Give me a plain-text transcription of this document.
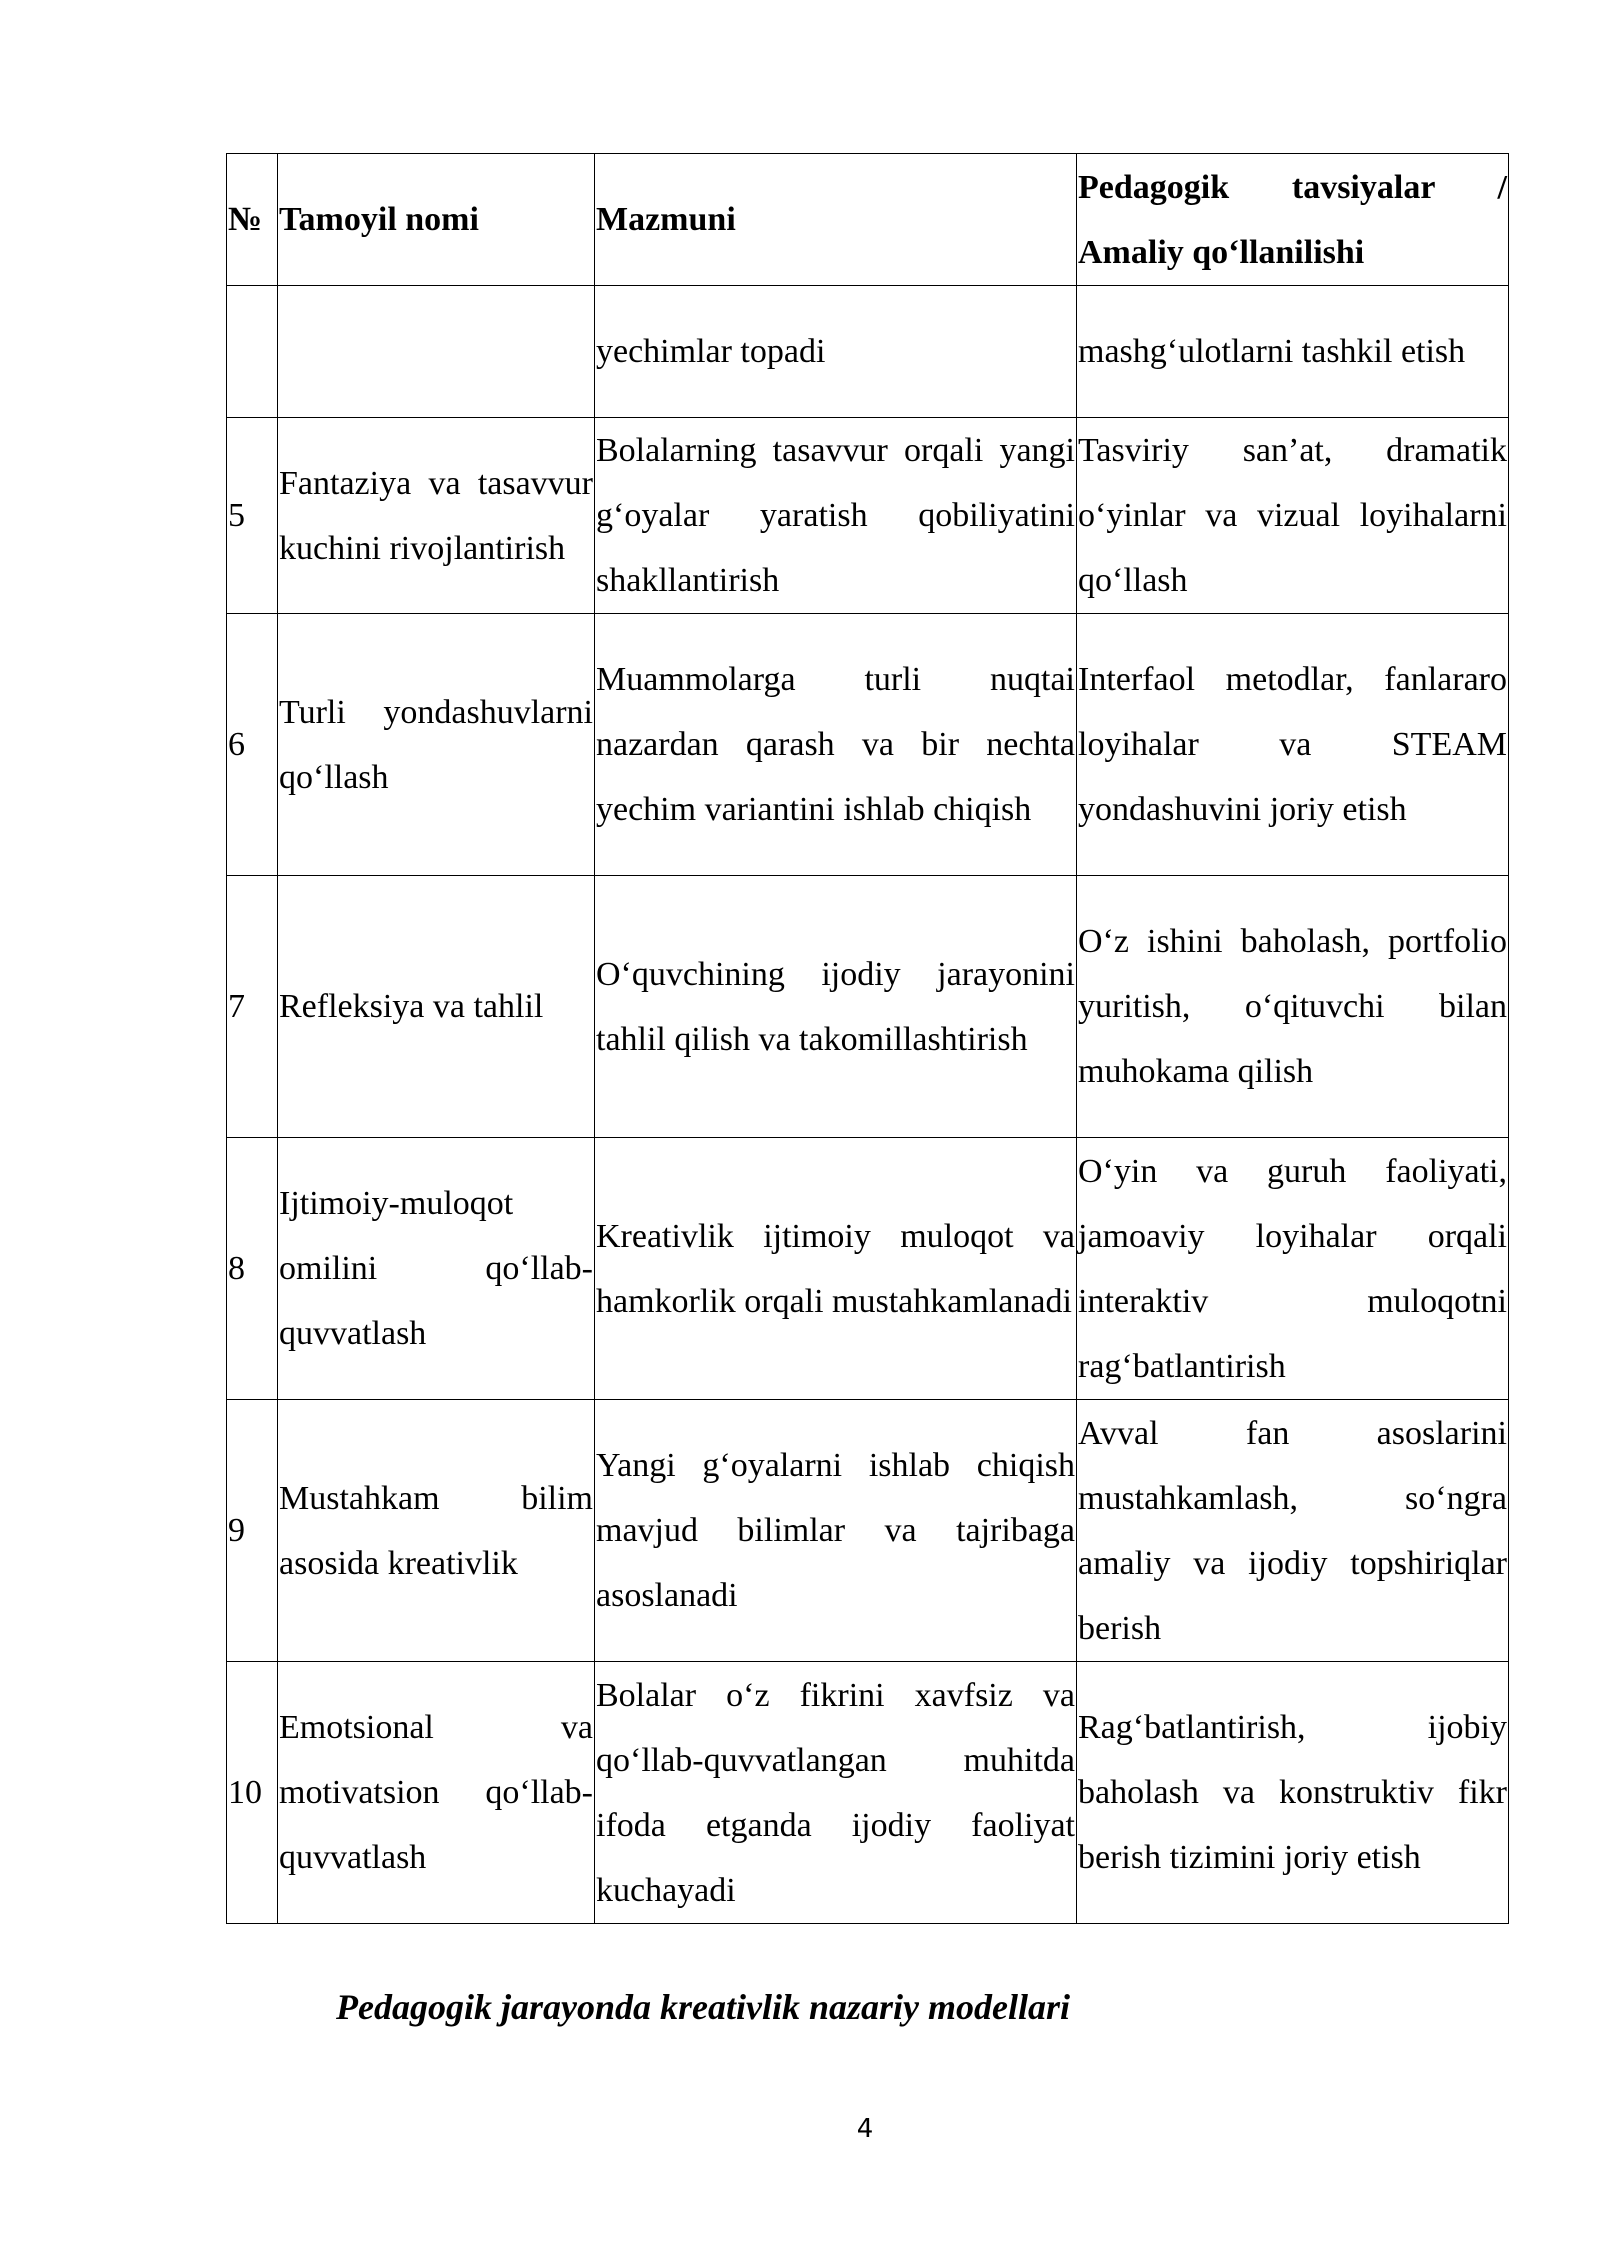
№	Tamoyil nomi	Mazmuni	Pedagogik tavsiyalar / Amaliy qo‘llanilishi
		yechimlar topadi	mashg‘ulotlarni tashkil etish
5	Fantaziya va tasavvur kuchini rivojlantirish	Bolalarning tasavvur orqali yangi g‘oyalar yaratish qobiliyatini shakllantirish	Tasviriy san’at, dramatik o‘yinlar va vizual loyihalarni qo‘llash
6	Turli yondashuvlarni qo‘llash	Muammolarga turli nuqtai nazardan qarash va bir nechta yechim variantini ishlab chiqish	Interfaol metodlar, fanlararo loyihalar va STEAM yondashuvini joriy etish
7	Refleksiya va tahlil	O‘quvchining ijodiy jarayonini tahlil qilish va takomillashtirish	O‘z ishini baholash, portfolio yuritish, o‘qituvchi bilan muhokama qilish
8	Ijtimoiy-muloqot omilini qo‘llab-quvvatlash	Kreativlik ijtimoiy muloqot va hamkorlik orqali mustahkamlanadi	O‘yin va guruh faoliyati, jamoaviy loyihalar orqali interaktiv muloqotni rag‘batlantirish
9	Mustahkam bilim asosida kreativlik	Yangi g‘oyalarni ishlab chiqish mavjud bilimlar va tajribaga asoslanadi	Avval fan asoslarini mustahkamlash, so‘ngra amaliy va ijodiy topshiriqlar berish
10	Emotsional va motivatsion qo‘llab-quvvatlash	Bolalar o‘z fikrini xavfsiz va qo‘llab-quvvatlangan muhitda ifoda etganda ijodiy faoliyat kuchayadi	Rag‘batlantirish, ijobiy baholash va konstruktiv fikr berish tizimini joriy etish
Pedagogik jarayonda kreativlik nazariy modellari
4
